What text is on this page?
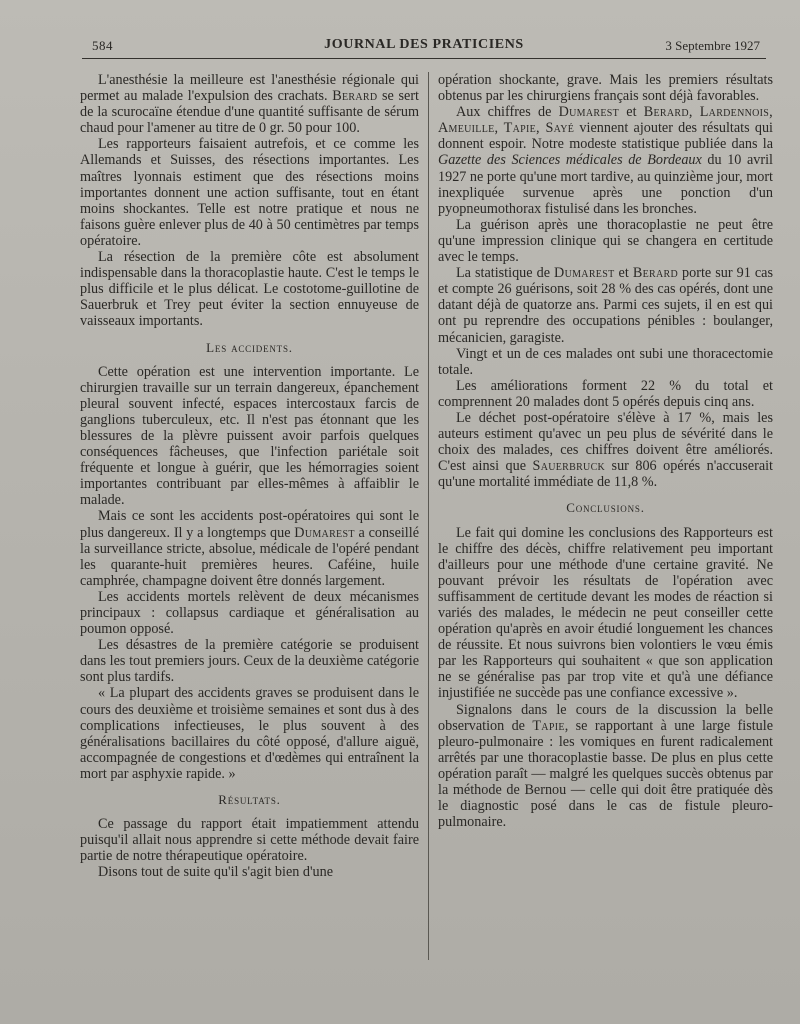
584	JOURNAL DES PRATICIENS	3 Septembre 1927

L'anesthésie la meilleure est l'anesthésie régionale qui permet au malade l'expulsion des crachats. Berard se sert de la scurocaïne étendue d'une quantité suffisante de sérum chaud pour l'amener au titre de 0 gr. 50 pour 100.

Les rapporteurs faisaient autrefois, et ce comme les Allemands et Suisses, des résections importantes. Les maîtres lyonnais estiment que des résections moins importantes donnent une action suffisante, tout en étant moins shockantes. Telle est notre pratique et nous ne faisons guère enlever plus de 40 à 50 centimètres par temps opératoire.

La résection de la première côte est absolument indispensable dans la thoracoplastie haute. C'est le temps le plus difficile et le plus délicat. Le costotome-guillotine de Sauerbruk et Trey peut éviter la section ennuyeuse de vaisseaux importants.

Les accidents.

Cette opération est une intervention importante. Le chirurgien travaille sur un terrain dangereux, épanchement pleural souvent infecté, espaces intercostaux farcis de ganglions tuberculeux, etc. Il n'est pas étonnant que les blessures de la plèvre puissent avoir parfois quelques conséquences fâcheuses, que l'infection pariétale soit fréquente et longue à guérir, que les hémorragies soient importantes contribuant par elles-mêmes à affaiblir le malade.

Mais ce sont les accidents post-opératoires qui sont le plus dangereux. Il y a longtemps que Dumarest a conseillé la surveillance stricte, absolue, médicale de l'opéré pendant les quarante-huit premières heures. Caféine, huile camphrée, champagne doivent être donnés largement.

Les accidents mortels relèvent de deux mécanismes principaux : collapsus cardiaque et généralisation au poumon opposé.

Les désastres de la première catégorie se produisent dans les tout premiers jours. Ceux de la deuxième catégorie sont plus tardifs.

« La plupart des accidents graves se produisent dans le cours des deuxième et troisième semaines et sont dus à des complications infectieuses, le plus souvent à des généralisations bacillaires du côté opposé, d'allure aiguë, accompagnée de congestions et d'œdèmes qui entraînent la mort par asphyxie rapide. »

Résultats.

Ce passage du rapport était impatiemment attendu puisqu'il allait nous apprendre si cette méthode devait faire partie de notre thérapeutique opératoire.

Disons tout de suite qu'il s'agit bien d'une

opération shockante, grave. Mais les premiers résultats obtenus par les chirurgiens français sont déjà favorables.

Aux chiffres de Dumarest et Berard, Lardennois, Ameuille, Tapie, Sayé viennent ajouter des résultats qui donnent espoir. Notre modeste statistique publiée dans la Gazette des Sciences médicales de Bordeaux du 10 avril 1927 ne porte qu'une mort tardive, au quinzième jour, mort inexpliquée survenue après une ponction d'un pyopneumothorax fistulisé dans les bronches.

La guérison après une thoracoplastie ne peut être qu'une impression clinique qui se changera en certitude avec le temps.

La statistique de Dumarest et Berard porte sur 91 cas et compte 26 guérisons, soit 28 % des cas opérés, dont une datant déjà de quatorze ans. Parmi ces sujets, il en est qui ont pu reprendre des occupations pénibles : boulanger, mécanicien, garagiste.

Vingt et un de ces malades ont subi une thoracectomie totale.

Les améliorations forment 22 % du total et comprennent 20 malades dont 5 opérés depuis cinq ans.

Le déchet post-opératoire s'élève à 17 %, mais les auteurs estiment qu'avec un peu plus de sévérité dans le choix des malades, ces chiffres doivent être améliorés. C'est ainsi que Sauerbruck sur 806 opérés n'accuserait qu'une mortalité immédiate de 11,8 %.

Conclusions.

Le fait qui domine les conclusions des Rapporteurs est le chiffre des décès, chiffre relativement peu important d'ailleurs pour une méthode d'une certaine gravité. Ne pouvant prévoir les résultats de l'opération avec suffisamment de certitude devant les modes de réaction si variés des malades, le médecin ne peut conseiller cette opération qu'après en avoir étudié longuement les chances de réussite. Et nous suivrons bien volontiers le vœu émis par les Rapporteurs qui souhaitent « que son application ne se généralise pas par trop vite et qu'à une défiance injustifiée ne succède pas une confiance excessive ».

Signalons dans le cours de la discussion la belle observation de Tapie, se rapportant à une large fistule pleuro-pulmonaire : les vomiques en furent radicalement arrêtés par une thoracoplastie basse. De plus en plus cette opération paraît — malgré les quelques succès obtenus par la méthode de Bernou — celle qui doit être pratiquée dès le diagnostic posé dans le cas de fistule pleuro-pulmonaire.
